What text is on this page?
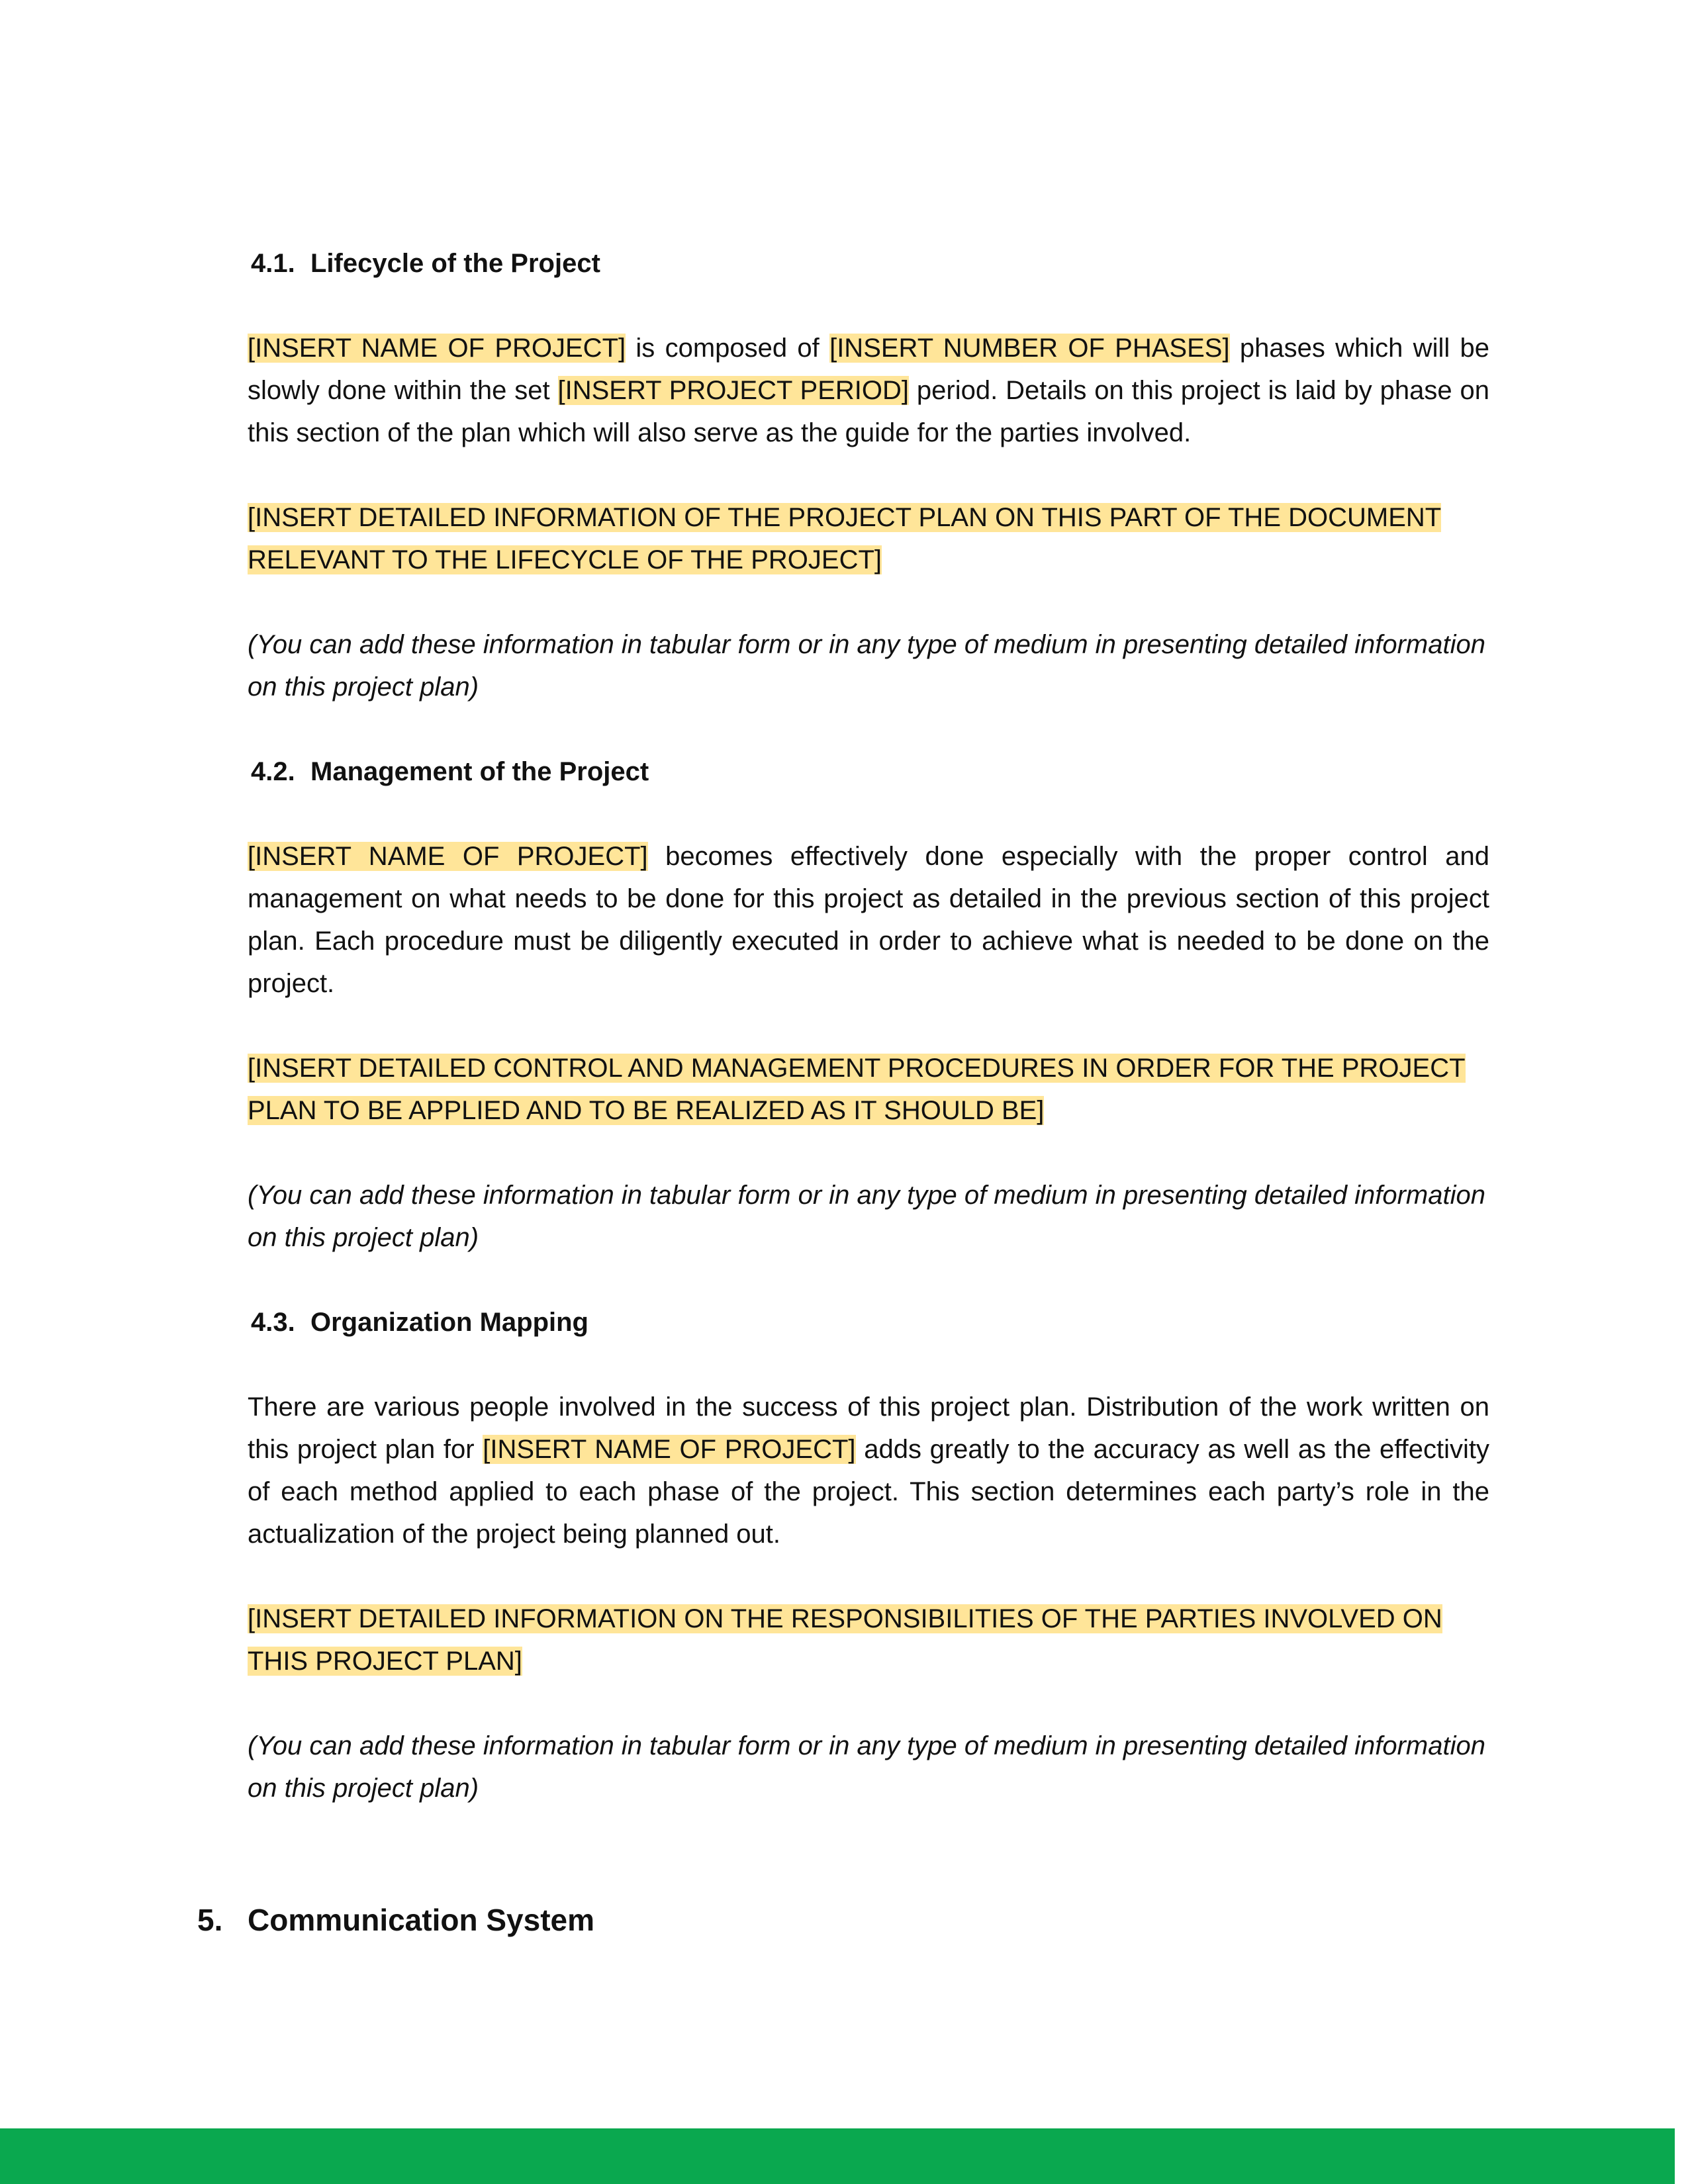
4.1. Lifecycle of the Project
[INSERT NAME OF PROJECT] is composed of [INSERT NUMBER OF PHASES] phases which will be slowly done within the set [INSERT PROJECT PERIOD] period. Details on this project is laid by phase on this section of the plan which will also serve as the guide for the parties involved.
[INSERT DETAILED INFORMATION OF THE PROJECT PLAN ON THIS PART OF THE DOCUMENT RELEVANT TO THE LIFECYCLE OF THE PROJECT]
(You can add these information in tabular form or in any type of medium in presenting detailed information on this project plan)
4.2. Management of the Project
[INSERT NAME OF PROJECT] becomes effectively done especially with the proper control and management on what needs to be done for this project as detailed in the previous section of this project plan. Each procedure must be diligently executed in order to achieve what is needed to be done on the project.
[INSERT DETAILED CONTROL AND MANAGEMENT PROCEDURES IN ORDER FOR THE PROJECT PLAN TO BE APPLIED AND TO BE REALIZED AS IT SHOULD BE]
(You can add these information in tabular form or in any type of medium in presenting detailed information on this project plan)
4.3. Organization Mapping
There are various people involved in the success of this project plan. Distribution of the work written on this project plan for [INSERT NAME OF PROJECT] adds greatly to the accuracy as well as the effectivity of each method applied to each phase of the project. This section determines each party’s role in the actualization of the project being planned out.
[INSERT DETAILED INFORMATION ON THE RESPONSIBILITIES OF THE PARTIES INVOLVED ON THIS PROJECT PLAN]
(You can add these information in tabular form or in any type of medium in presenting detailed information on this project plan)
5. Communication System
